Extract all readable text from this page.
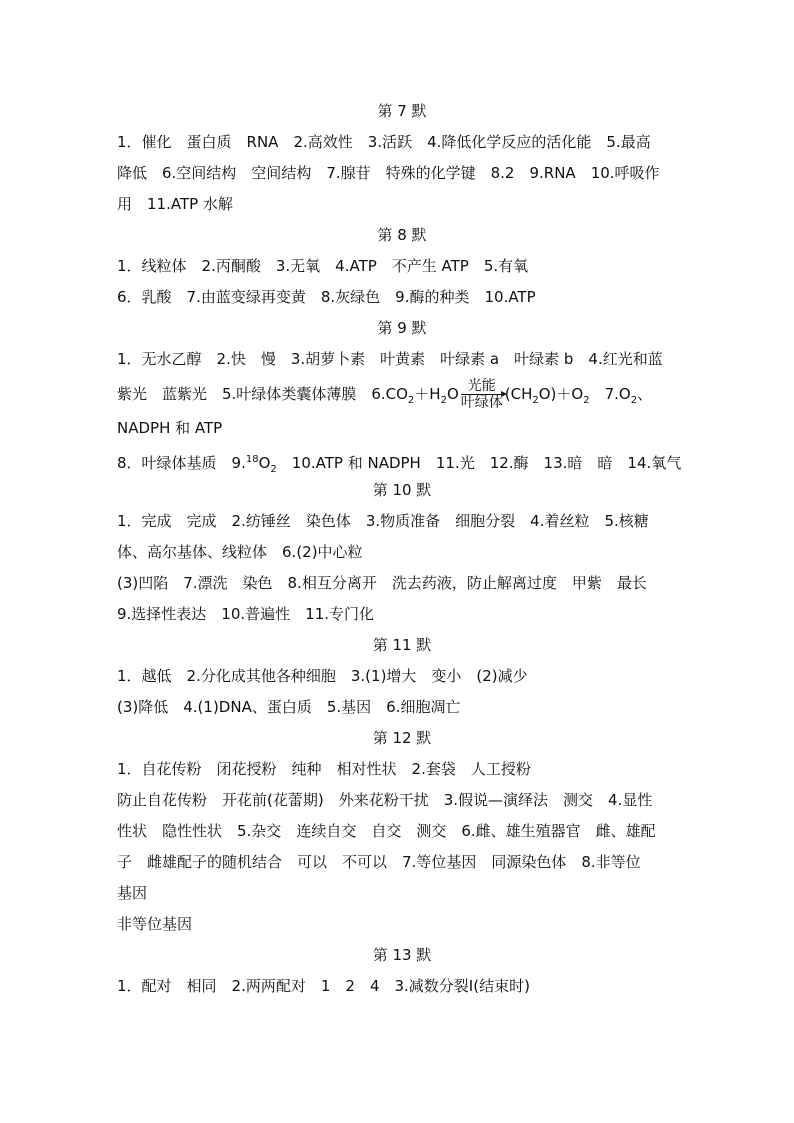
第 7 默
1．催化　蛋白质　RNA　2.高效性　3.活跃　4.降低化学反应的活化能　5.最高
降低　6.空间结构　空间结构　7.腺苷　特殊的化学键　8.2　9.RNA　10.呼吸作
用　11.ATP 水解
第 8 默
1．线粒体　2.丙酮酸　3.无氧　4.ATP　不产生 ATP　5.有氧
6．乳酸　7.由蓝变绿再变黄　8.灰绿色　9.酶的种类　10.ATP
第 9 默
1．无水乙醇　2.快　慢　3.胡萝卜素　叶黄素　叶绿素 a　叶绿素 b　4.红光和蓝
紫光　蓝紫光　5.叶绿体类囊体薄膜　$6.CO_2+H_2O \frac{\text{光能}}{\text{叶绿体}} (CH_2O)+O_2$　$7.O_2$、
NADPH 和 ATP
8．叶绿体基质　$9.18O_2$　10.ATP 和 NADPH　11.光　12.酶　13.暗　暗　14.氧气
第 10 默
1．完成　完成　2.纺锤丝　染色体　3.物质准备　细胞分裂　4.着丝粒　5.核糖
体、高尔基体、线粒体　6.(2)中心粒
(3)凹陷　7.漂洗　染色　8.相互分离开　洗去药液，防止解离过度　甲紫　最长
9.选择性表达　10.普遍性　11.专门化
第 11 默
1．越低　2.分化成其他各种细胞　3.(1)增大　变小　(2)减少
(3)降低　4.(1)DNA、蛋白质　5.基因　6.细胞凋亡
第 12 默
1．自花传粉　闭花授粉　纯种　相对性状　2.套袋　人工授粉
防止自花传粉　开花前(花蕾期)　外来花粉干扰　3.假说—演绎法　测交　4.显性
性状　隐性性状　5.杂交　连续自交　自交　测交　6.雌、雄生殖器官　雌、雄配
子　雌雄配子的随机结合　可以　不可以　7.等位基因　同源染色体　8.非等位
基因
非等位基因
第 13 默
1．配对　相同　2.两两配对　1　2　4　3.减数分裂Ⅰ(结束时)
